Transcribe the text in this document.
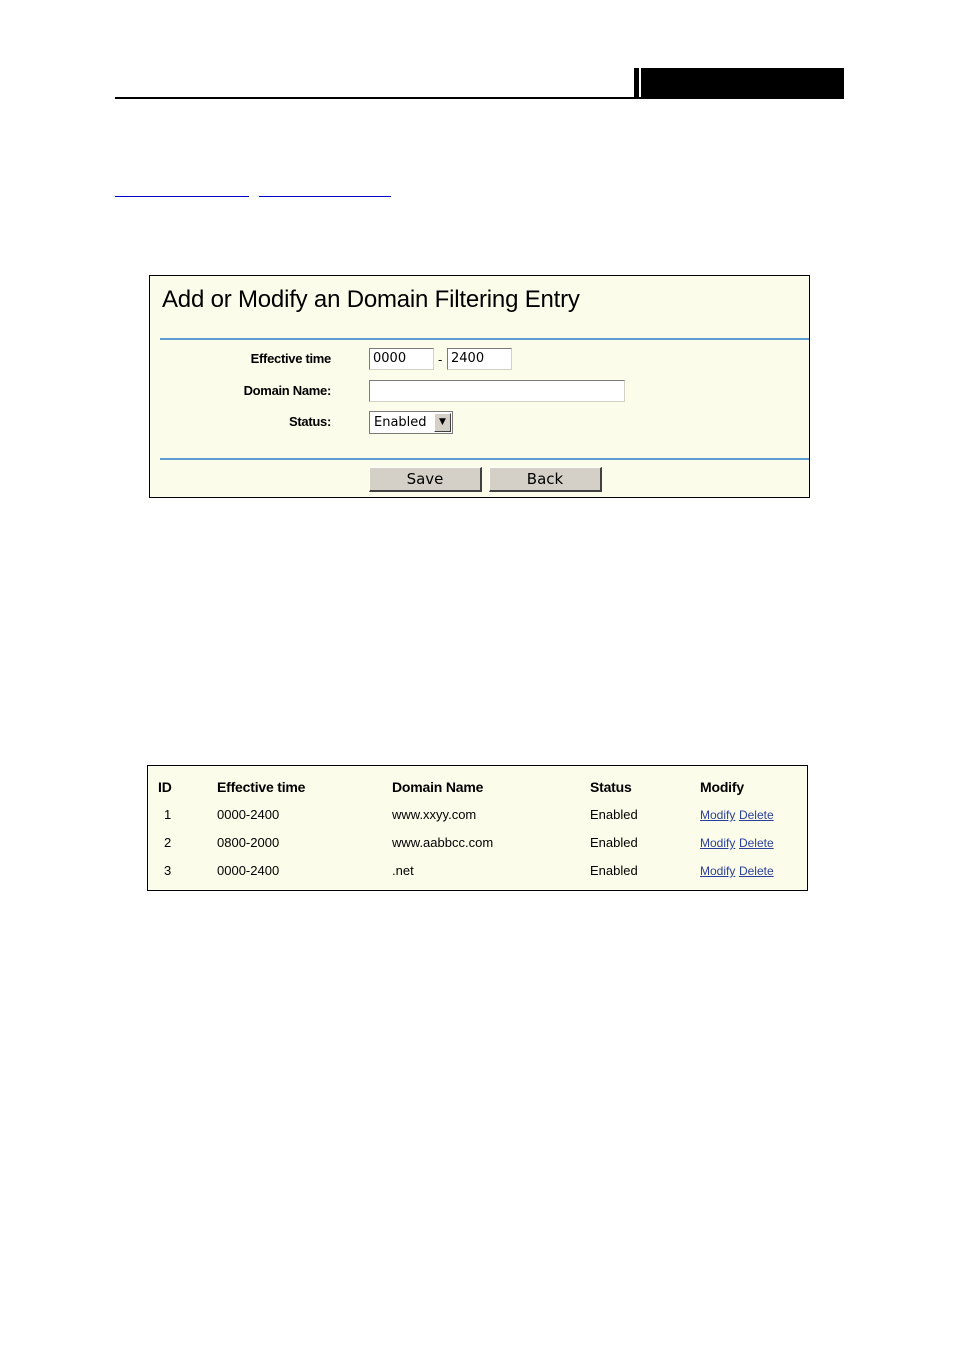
Add or Modify an Domain Filtering Entry
Effective time	0000	- 2400
Domain Name:
Status:	Enabled	▼
Save	Back
ID	Effective time	Domain Name	Status	Modify
1	0000-2400	www.xxyy.com	Enabled	Modify Delete
2	0800-2000	www.aabbcc.com	Enabled	Modify Delete
3	0000-2400	.net	Enabled	Modify Delete
